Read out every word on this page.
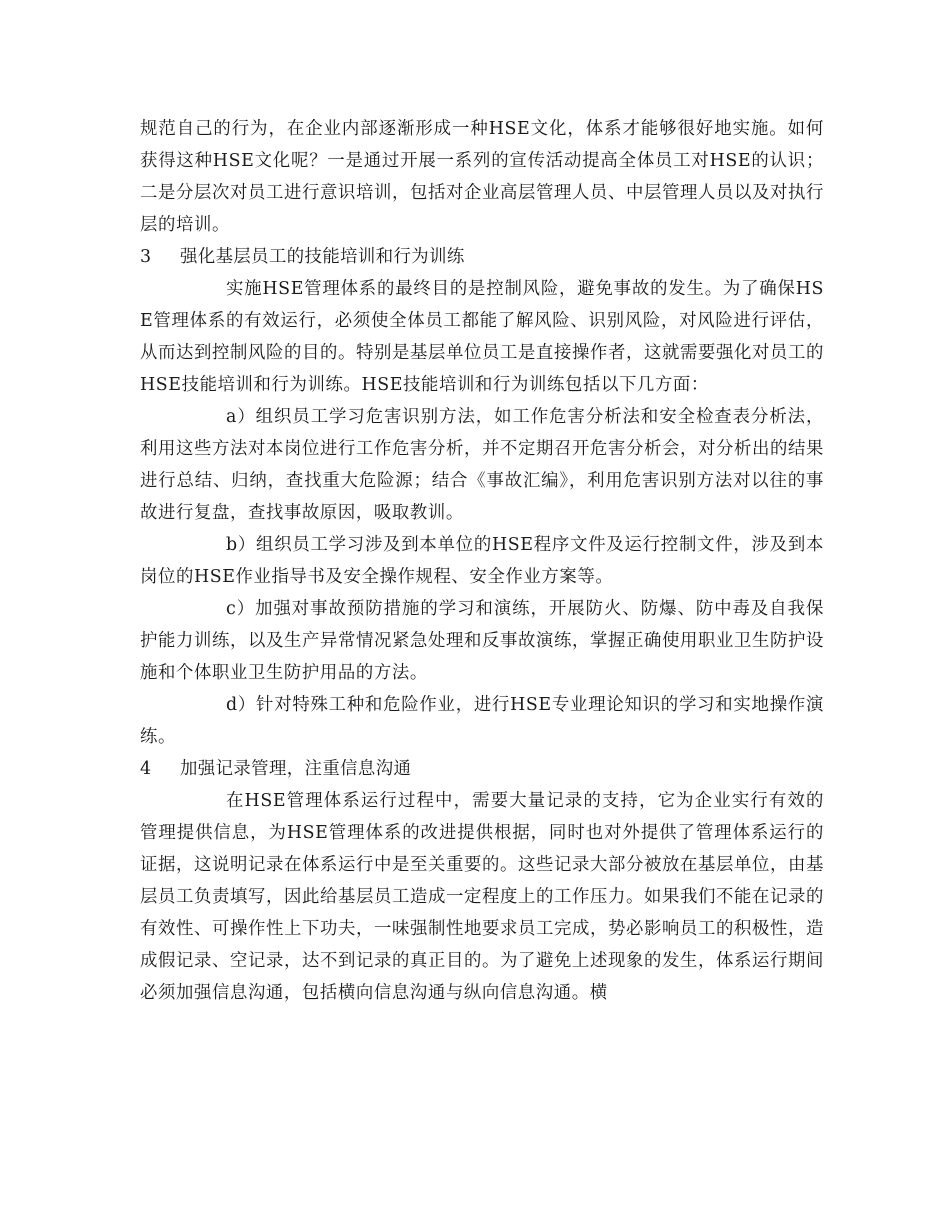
规范自己的行为，在企业内部逐渐形成一种HSE文化，体系才能够很好地实施。如何获得这种HSE文化呢？一是通过开展一系列的宣传活动提高全体员工对HSE的认识；二是分层次对员工进行意识培训，包括对企业高层管理人员、中层管理人员以及对执行层的培训。

3	强化基层员工的技能培训和行为训练

实施HSE管理体系的最终目的是控制风险，避免事故的发生。为了确保HSE管理体系的有效运行，必须使全体员工都能了解风险、识别风险，对风险进行评估，从而达到控制风险的目的。特别是基层单位员工是直接操作者，这就需要强化对员工的HSE技能培训和行为训练。HSE技能培训和行为训练包括以下几方面：

a）组织员工学习危害识别方法，如工作危害分析法和安全检查表分析法，利用这些方法对本岗位进行工作危害分析，并不定期召开危害分析会，对分析出的结果进行总结、归纳，查找重大危险源；结合《事故汇编》，利用危害识别方法对以往的事故进行复盘，查找事故原因，吸取教训。

b）组织员工学习涉及到本单位的HSE程序文件及运行控制文件，涉及到本岗位的HSE作业指导书及安全操作规程、安全作业方案等。

c）加强对事故预防措施的学习和演练，开展防火、防爆、防中毒及自我保护能力训练，以及生产异常情况紧急处理和反事故演练，掌握正确使用职业卫生防护设施和个体职业卫生防护用品的方法。

d）针对特殊工种和危险作业，进行HSE专业理论知识的学习和实地操作演练。

4	加强记录管理，注重信息沟通

在HSE管理体系运行过程中，需要大量记录的支持，它为企业实行有效的管理提供信息，为HSE管理体系的改进提供根据，同时也对外提供了管理体系运行的证据，这说明记录在体系运行中是至关重要的。这些记录大部分被放在基层单位，由基层员工负责填写，因此给基层员工造成一定程度上的工作压力。如果我们不能在记录的有效性、可操作性上下功夫，一味强制性地要求员工完成，势必影响员工的积极性，造成假记录、空记录，达不到记录的真正目的。为了避免上述现象的发生，体系运行期间必须加强信息沟通，包括横向信息沟通与纵向信息沟通。横
